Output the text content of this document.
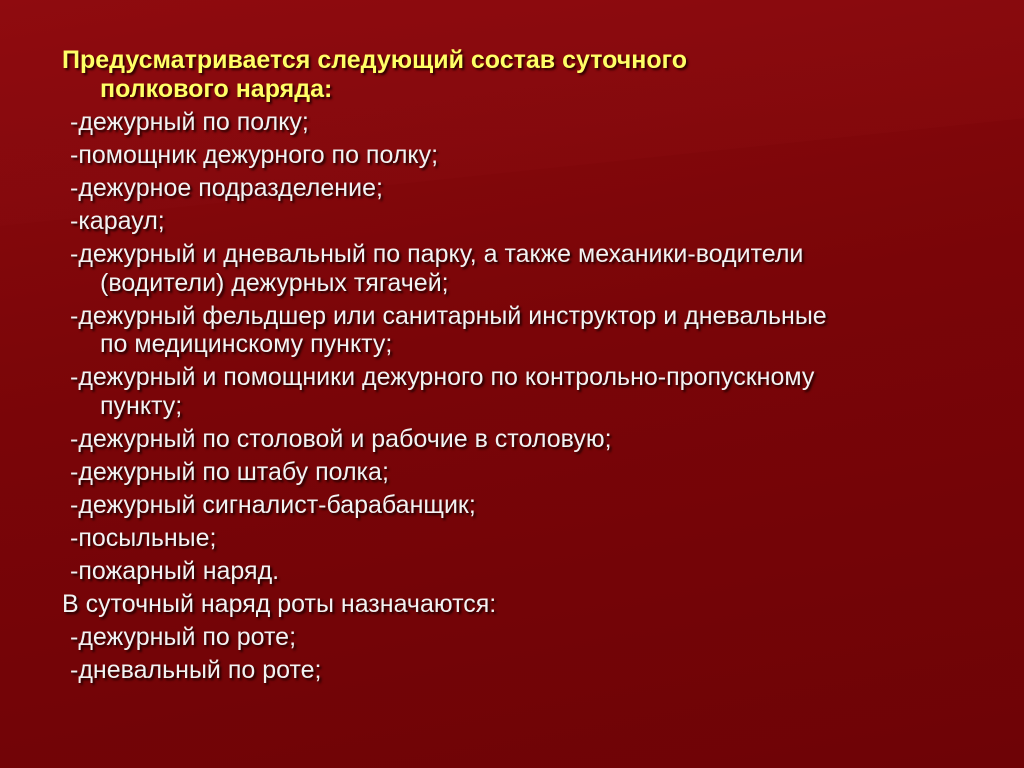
Предусматривается следующий состав суточного
полкового наряда:
-дежурный по полку;
-помощник дежурного по полку;
-дежурное подразделение;
-караул;
-дежурный и дневальный по парку, а также механики-водители
(водители) дежурных тягачей;
-дежурный фельдшер или санитарный инструктор и дневальные
по медицинскому пункту;
-дежурный и помощники дежурного по контрольно-пропускному
пункту;
-дежурный по столовой и рабочие в столовую;
-дежурный по штабу полка;
-дежурный сигналист-барабанщик;
-посыльные;
-пожарный наряд.
В суточный наряд роты назначаются:
-дежурный по роте;
-дневальный по роте;
